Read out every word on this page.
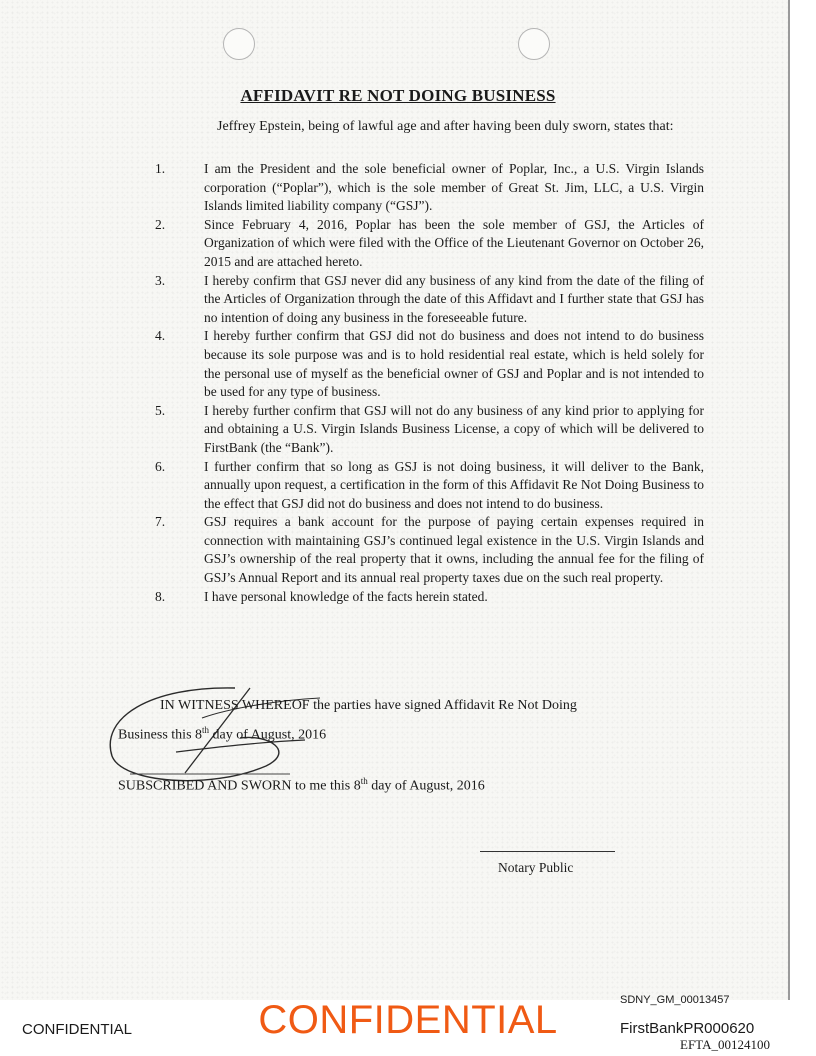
AFFIDAVIT RE NOT DOING BUSINESS
Jeffrey Epstein, being of lawful age and after having been duly sworn, states that:
1.	I am the President and the sole beneficial owner of Poplar, Inc., a U.S. Virgin Islands corporation (“Poplar”), which is the sole member of Great St. Jim, LLC, a U.S. Virgin Islands limited liability company (“GSJ”).
2.	Since February 4, 2016, Poplar has been the sole member of GSJ, the Articles of Organization of which were filed with the Office of the Lieutenant Governor on October 26, 2015 and are attached hereto.
3.	I hereby confirm that GSJ never did any business of any kind from the date of the filing of the Articles of Organization through the date of this Affidavt and I further state that GSJ has no intention of doing any business in the foreseeable future.
4.	I hereby further confirm that GSJ did not do business and does not intend to do business because its sole purpose was and is to hold residential real estate, which is held solely for the personal use of myself as the beneficial owner of GSJ and Poplar and is not intended to be used for any type of business.
5.	I hereby further confirm that GSJ will not do any business of any kind prior to applying for and obtaining a U.S. Virgin Islands Business License, a copy of which will be delivered to FirstBank (the “Bank”).
6.	I further confirm that so long as GSJ is not doing business, it will deliver to the Bank, annually upon request, a certification in the form of this Affidavit Re Not Doing Business to the effect that GSJ did not do business and does not intend to do business.
7.	GSJ requires a bank account for the purpose of paying certain expenses required in connection with maintaining GSJ’s continued legal existence in the U.S. Virgin Islands and GSJ’s ownership of the real property that it owns, including the annual fee for the filing of GSJ’s Annual Report and its annual real property taxes due on the such real property.
8.	I have personal knowledge of the facts herein stated.
IN WITNESS WHEREOF the parties have signed Affidavit Re Not Doing
Business this 8th day of August, 2016
SUBSCRIBED AND SWORN to me this 8th day of August, 2016
Notary Public
CONFIDENTIAL	CONFIDENTIAL	SDNY_GM_00013457
FirstBankPR000620
EFTA_00124100
